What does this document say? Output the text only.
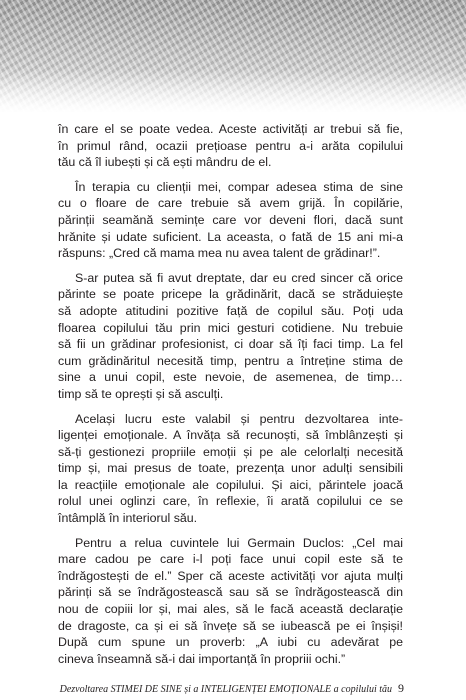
în care el se poate vedea. Aceste activități ar trebui să fie,
în primul rând, ocazii prețioase pentru a-i arăta copilului
tău că îl iubești și că ești mândru de el.

În terapia cu clienții mei, compar adesea stima de sine
cu o floare de care trebuie să avem grijă. În copilărie,
părinții seamănă semințe care vor deveni flori, dacă sunt
hrănite și udate suficient. La aceasta, o fată de 15 ani mi-a
răspuns: „Cred că mama mea nu avea talent de grădinar!”.

S-ar putea să fi avut dreptate, dar eu cred sincer că orice
părinte se poate pricepe la grădinărit, dacă se străduiește
să adopte atitudini pozitive față de copilul său. Poți uda
floarea copilului tău prin mici gesturi cotidiene. Nu trebuie
să fii un grădinar profesionist, ci doar să îți faci timp. La fel
cum grădinăritul necesită timp, pentru a întreține stima de
sine a unui copil, este nevoie, de asemenea, de timp…
timp să te oprești și să asculți.

Același lucru este valabil și pentru dezvoltarea inte-
ligenței emoționale. A învăța să recunoști, să îmblânzești și
să-ți gestionezi propriile emoții și pe ale celorlalți necesită
timp și, mai presus de toate, prezența unor adulți sensibili
la reacțiile emoționale ale copilului. Și aici, părintele joacă
rolul unei oglinzi care, în reflexie, îi arată copilului ce se
întâmplă în interiorul său.

Pentru a relua cuvintele lui Germain Duclos: „Cel mai
mare cadou pe care i-l poți face unui copil este să te
îndrăgostești de el.” Sper că aceste activități vor ajuta mulți
părinți să se îndrăgostească sau să se îndrăgostească din
nou de copiii lor și, mai ales, să le facă această declarație
de dragoste, ca și ei să învețe să se iubească pe ei înșiși!
După cum spune un proverb: „A iubi cu adevărat pe
cineva înseamnă să-i dai importanță în propriii ochi.”

Dezvoltarea STIMEI DE SINE și a INTELIGENȚEI EMOȚIONALE a copilului tău 9
